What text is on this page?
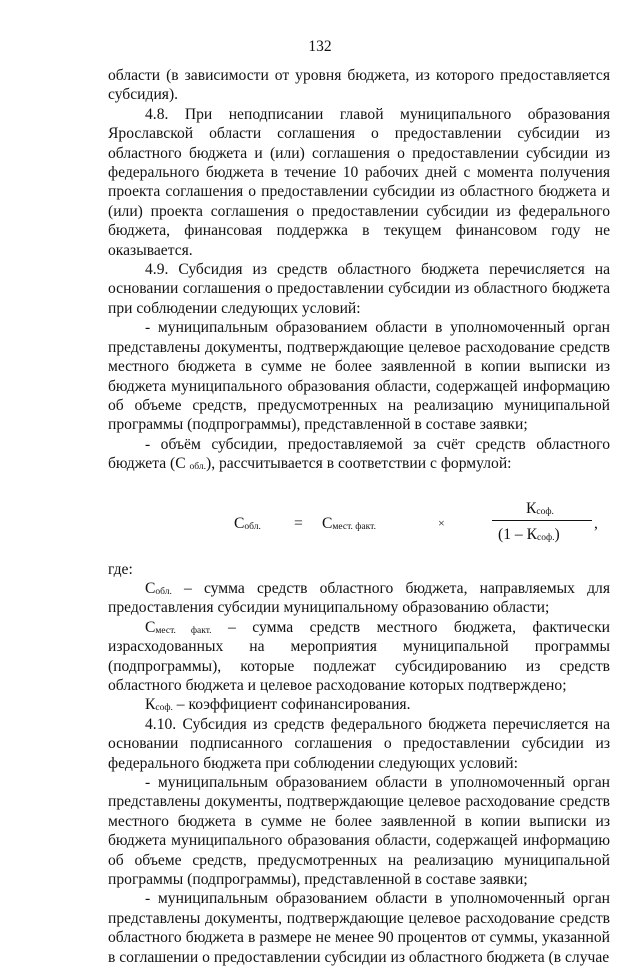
132

области (в зависимости от уровня бюджета, из которого предоставляется субсидия).

4.8. При неподписании главой муниципального образования Ярославской области соглашения о предоставлении субсидии из областного бюджета и (или) соглашения о предоставлении субсидии из федерального бюджета в течение 10 рабочих дней с момента получения проекта соглашения о предоставлении субсидии из областного бюджета и (или) проекта соглашения о предоставлении субсидии из федерального бюджета, финансовая поддержка в текущем финансовом году не оказывается.

4.9. Субсидия из средств областного бюджета перечисляется на основании соглашения о предоставлении субсидии из областного бюджета при соблюдении следующих условий:

- муниципальным образованием области в уполномоченный орган представлены документы, подтверждающие целевое расходование средств местного бюджета в сумме не более заявленной в копии выписки из бюджета муниципального образования области, содержащей информацию об объеме средств, предусмотренных на реализацию муниципальной программы (подпрограммы), представленной в составе заявки;

- объём субсидии, предоставляемой за счёт средств областного бюджета (С $_{обл.}$), рассчитывается в соответствии с формулой:

$С_{обл.} = С_{мест. факт.}$	×
$К_{соф.}$
$(1 - К_{соф.})$
,

где:

$С_{обл.}$ – сумма средств областного бюджета, направляемых для предоставления субсидии муниципальному образованию области;

$С_{мест. факт.}$ – сумма средств местного бюджета, фактически израсходованных на мероприятия муниципальной программы (подпрограммы), которые подлежат субсидированию из средств областного бюджета и целевое расходование которых подтверждено;

$К_{соф.}$ – коэффициент софинансирования.

4.10. Субсидия из средств федерального бюджета перечисляется на основании подписанного соглашения о предоставлении субсидии из федерального бюджета при соблюдении следующих условий:

- муниципальным образованием области в уполномоченный орган представлены документы, подтверждающие целевое расходование средств местного бюджета в сумме не более заявленной в копии выписки из бюджета муниципального образования области, содержащей информацию об объеме средств, предусмотренных на реализацию муниципальной программы (подпрограммы), представленной в составе заявки;

- муниципальным образованием области в уполномоченный орган представлены документы, подтверждающие целевое расходование средств областного бюджета в размере не менее 90 процентов от суммы, указанной в соглашении о предоставлении субсидии из областного бюджета (в случае
